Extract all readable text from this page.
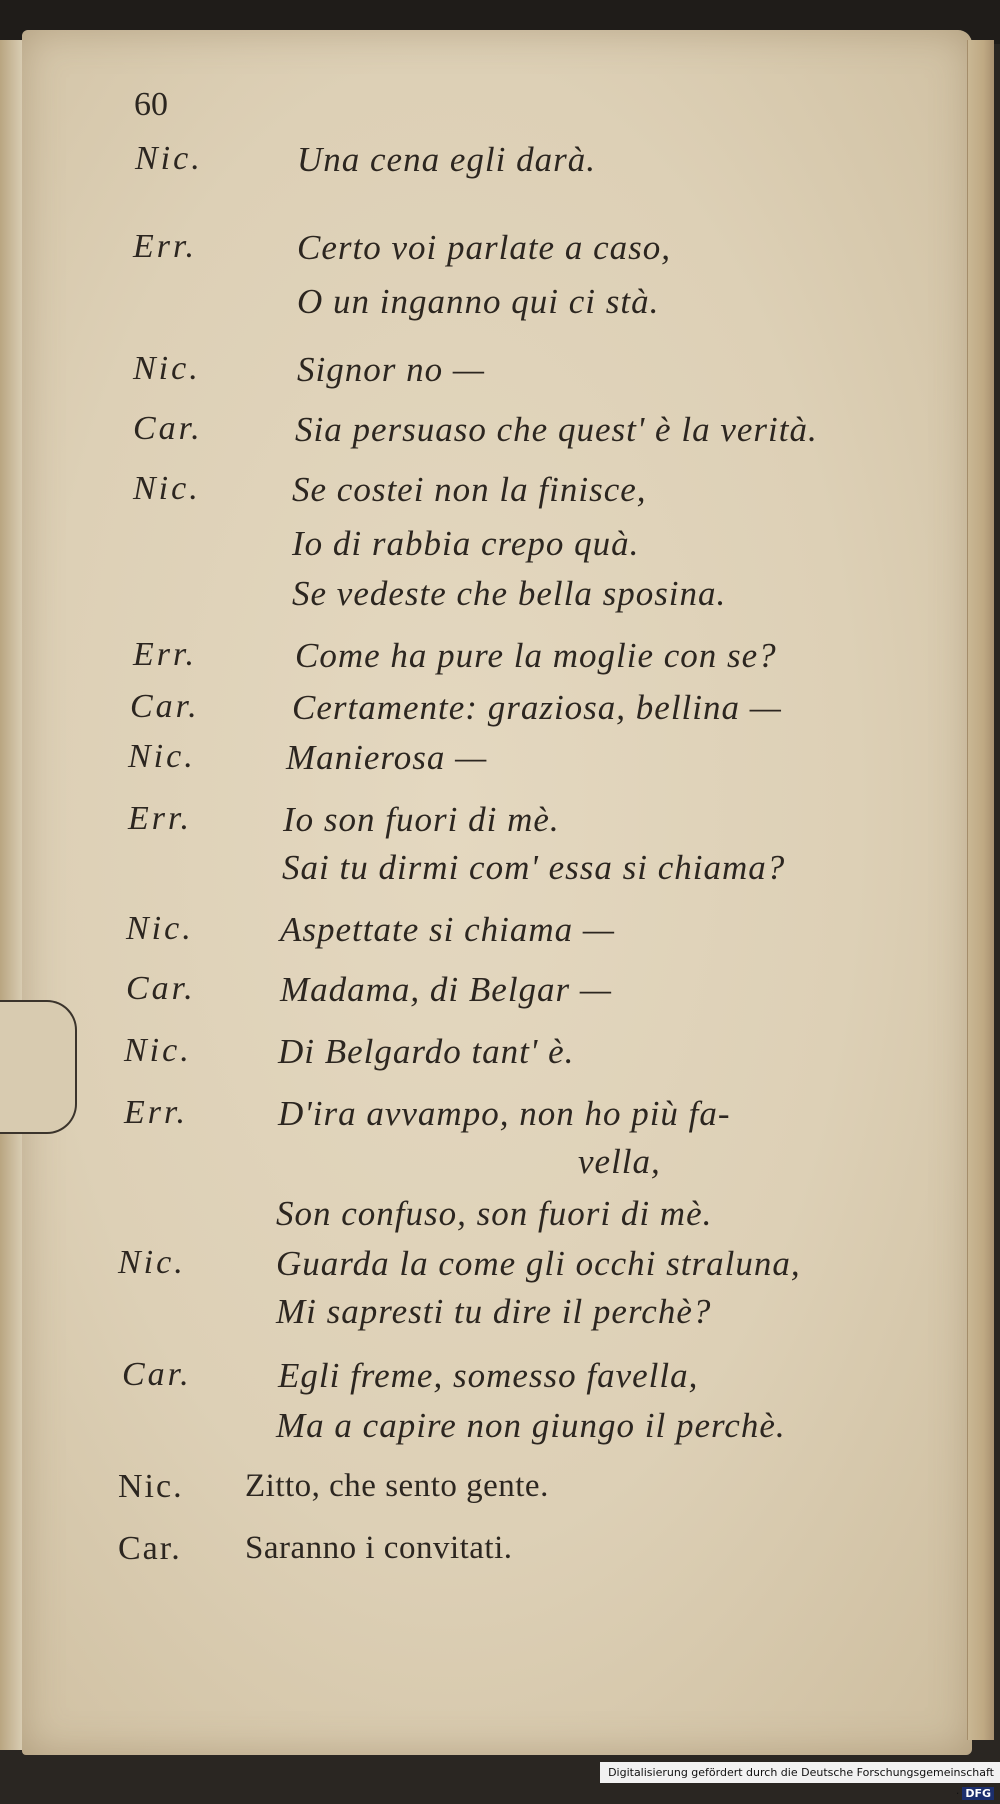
60
Nic.	Una cena egli darà.
Err.	Certo voi parlate a caso,
O un inganno qui ci stà.
Nic.	Signor no —
Car.	Sia persuaso che quest' è la verità.
Nic.	Se costei non la finisce,
Io di rabbia crepo quà.
Se vedeste che bella sposina.
Err.	Come ha pure la moglie con se?
Car.	Certamente: graziosa, bellina —
Nic.	Manierosa —
Err.	Io son fuori di mè.
Sai tu dirmi com' essa si chiama?
Nic. Aspettate si chiama —
Car. Madama, di Belgar —
Nic. Di Belgardo tant' è.
Err.	D'ira avvampo, non ho più fa-
vella,
Son confuso, son fuori di mè.
Nic.	Guarda la come gli occhi straluna,
Mi sapresti tu dire il perchè?
Car. Egli freme, somesso favella,
Ma a capire non giungo il perchè.
Nic. Zitto, che sento gente.
Car. Saranno i convitati.
Digitalisierung gefördert durch die Deutsche Forschungsgemeinschaft · DFG
